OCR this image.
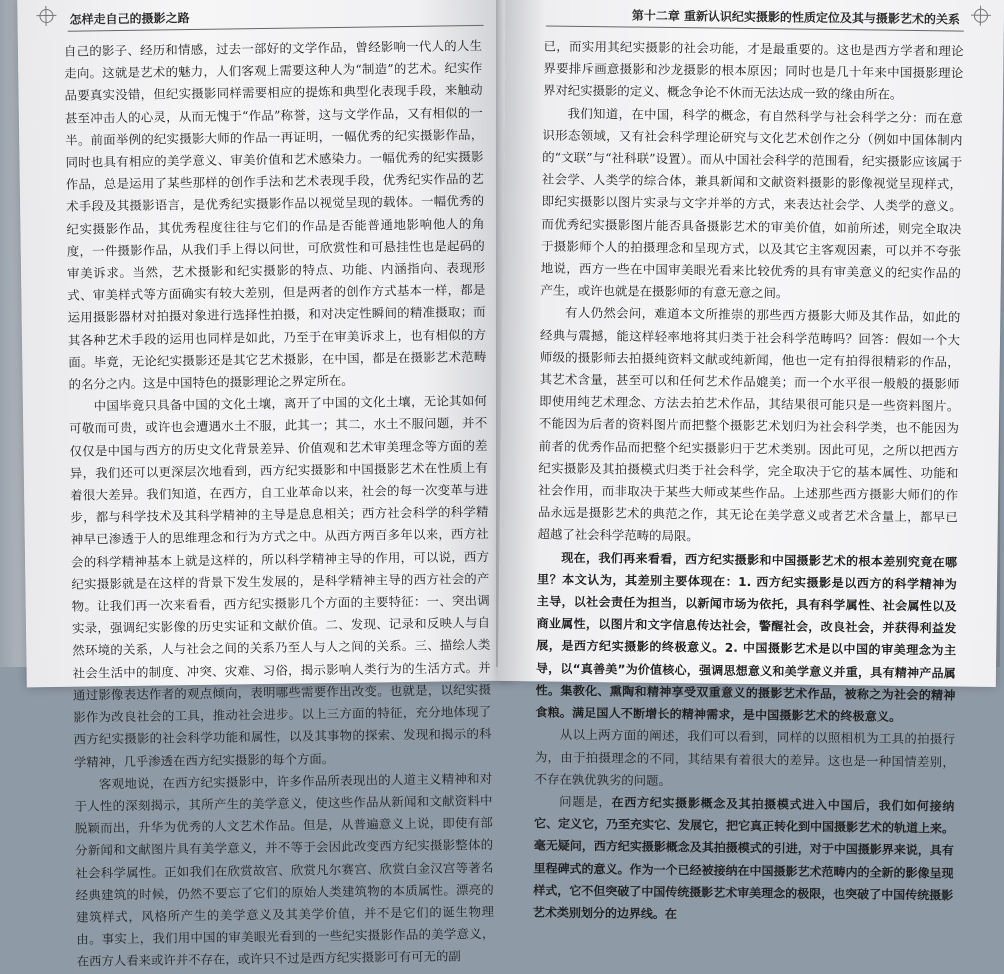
怎样走自己的摄影之路

自己的影子、经历和情感，过去一部好的文学作品，曾经影响一代人的人生走向。这就是艺术的魅力，人们客观上需要这种人为“制造”的艺术。纪实作品要真实没错，但纪实摄影同样需要相应的提炼和典型化表现手段，来触动甚至冲击人的心灵，从而无愧于“作品”称誉，这与文学作品，又有相似的一半。前面举例的纪实摄影大师的作品一再证明，一幅优秀的纪实摄影作品，同时也具有相应的美学意义、审美价值和艺术感染力。一幅优秀的纪实摄影作品，总是运用了某些那样的创作手法和艺术表现手段，优秀纪实作品的艺术手段及其摄影语言，是优秀纪实摄影作品以视觉呈现的载体。一幅优秀的纪实摄影作品，其优秀程度往往与它们的作品是否能普通地影响他人的角度，一件摄影作品，从我们手上得以问世，可欣赏性和可悬挂性也是起码的审美诉求。当然，艺术摄影和纪实摄影的特点、功能、内涵指向、表现形式、审美样式等方面确实有较大差别，但是两者的创作方式基本一样，都是运用摄影器材对拍摄对象进行选择性拍摄，和对决定性瞬间的精准摄取；而其各种艺术手段的运用也同样是如此，乃至于在审美诉求上，也有相似的方面。毕竟，无论纪实摄影还是其它艺术摄影，在中国，都是在摄影艺术范畴的名分之内。这是中国特色的摄影理论之界定所在。

中国毕竟只具备中国的文化土壤，离开了中国的文化土壤，无论其如何可敬而可贵，或许也会遭遇水土不服，此其一；其二，水土不服问题，并不仅仅是中国与西方的历史文化背景差异、价值观和艺术审美理念等方面的差异，我们还可以更深层次地看到，西方纪实摄影和中国摄影艺术在性质上有着很大差异。我们知道，在西方，自工业革命以来，社会的每一次变革与进步，都与科学技术及其科学精神的主导是息息相关；西方社会科学的科学精神早已渗透于人的思维理念和行为方式之中。从西方两百多年以来，西方社会的科学精神基本上就是这样的，所以科学精神主导的作用，可以说，西方纪实摄影就是在这样的背景下发生发展的，是科学精神主导的西方社会的产物。让我们再一次来看看，西方纪实摄影几个方面的主要特征：一、突出调实录，强调纪实影像的历史实证和文献价值。二、发现、记录和反映人与自然环境的关系，人与社会之间的关系乃至人与人之间的关系。三、描绘人类社会生活中的制度、冲突、灾难、习俗，揭示影响人类行为的生活方式。并通过影像表达作者的观点倾向，表明哪些需要作出改变。也就是，以纪实摄影作为改良社会的工具，推动社会进步。以上三方面的特征，充分地体现了西方纪实摄影的社会科学功能和属性，以及其事物的探索、发现和揭示的科学精神，几乎渗透在西方纪实摄影的每个方面。

客观地说，在西方纪实摄影中，许多作品所表现出的人道主义精神和对于人性的深刻揭示，其所产生的美学意义，使这些作品从新闻和文献资料中脱颖而出，升华为优秀的人文艺术作品。但是，从普遍意义上说，即使有部分新闻和文献图片具有美学意义，并不等于会因此改变西方纪实摄影整体的社会科学属性。正如我们在欣赏故宫、欣赏凡尔赛宫、欣赏白金汉宫等著名经典建筑的时候，仍然不要忘了它们的原始人类建筑物的本质属性。漂亮的建筑样式，风格所产生的美学意义及其美学价值，并不是它们的诞生物理由。事实上，我们用中国的审美眼光看到的一些纪实摄影作品的美学意义，在西方人看来或许并不存在，或许只不过是西方纪实摄影可有可无的副

第十二章 重新认识纪实摄影的性质定位及其与摄影艺术的关系

已，而实用其纪实摄影的社会功能，才是最重要的。这也是西方学者和理论界要排斥画意摄影和沙龙摄影的根本原因；同时也是几十年来中国摄影理论界对纪实摄影的定义、概念争论不休而无法达成一致的缘由所在。

我们知道，在中国，科学的概念，有自然科学与社会科学之分：而在意识形态领域，又有社会科学理论研究与文化艺术创作之分（例如中国体制内的“文联”与“社科联”设置）。而从中国社会科学的范围看，纪实摄影应该属于社会学、人类学的综合体，兼具新闻和文献资料摄影的影像视觉呈现样式，即纪实摄影以图片实录与文字并举的方式，来表达社会学、人类学的意义。而优秀纪实摄影图片能否具备摄影艺术的审美价值，如前所述，则完全取决于摄影师个人的拍摄理念和呈现方式，以及其它主客观因素，可以并不夸张地说，西方一些在中国审美眼光看来比较优秀的具有审美意义的纪实作品的产生，或许也就是在摄影师的有意无意之间。

有人仍然会问，难道本文所推崇的那些西方摄影大师及其作品，如此的经典与震撼，能这样轻率地将其归类于社会科学范畴吗？回答：假如一个大师级的摄影师去拍摄纯资料文献或纯新闻，他也一定有拍得很精彩的作品，其艺术含量，甚至可以和任何艺术作品媲美；而一个水平很一般般的摄影师即使用纯艺术理念、方法去拍艺术作品，其结果很可能只是一些资料图片。不能因为后者的资料图片而把整个摄影艺术划归为社会科学类，也不能因为前者的优秀作品而把整个纪实摄影归于艺术类别。因此可见，之所以把西方纪实摄影及其拍摄模式归类于社会科学，完全取决于它的基本属性、功能和社会作用，而非取决于某些大师或某些作品。上述那些西方摄影大师们的作品永远是摄影艺术的典范之作，其无论在美学意义或者艺术含量上，都早已超越了社会科学范畴的局限。

现在，我们再来看看，西方纪实摄影和中国摄影艺术的根本差别究竟在哪里？本文认为，其差别主要体现在：1. 西方纪实摄影是以西方的科学精神为主导，以社会责任为担当，以新闻市场为依托，具有科学属性、社会属性以及商业属性，以图片和文字信息传达社会，警醒社会，改良社会，并获得利益发展，是西方纪实摄影的终极意义。2. 中国摄影艺术是以中国的审美理念为主导，以“真善美”为价值核心，强调思想意义和美学意义并重，具有精神产品属性。集教化、熏陶和精神享受双重意义的摄影艺术作品，被称之为社会的精神食粮。满足国人不断增长的精神需求，是中国摄影艺术的终极意义。

从以上两方面的阐述，我们可以看到，同样的以照相机为工具的拍摄行为，由于拍摄理念的不同，其结果有着很大的差异。这也是一种国情差别，不存在孰优孰劣的问题。

问题是，在西方纪实摄影概念及其拍摄模式进入中国后，我们如何接纳它、定义它，乃至充实它、发展它，把它真正转化到中国摄影艺术的轨道上来。毫无疑问，西方纪实摄影概念及其拍摄模式的引进，对于中国摄影界来说，具有里程碑式的意义。作为一个已经被接纳在中国摄影艺术范畴内的全新的影像呈现样式，它不但突破了中国传统摄影艺术审美理念的极限，也突破了中国传统摄影艺术类别划分的边界线。在
